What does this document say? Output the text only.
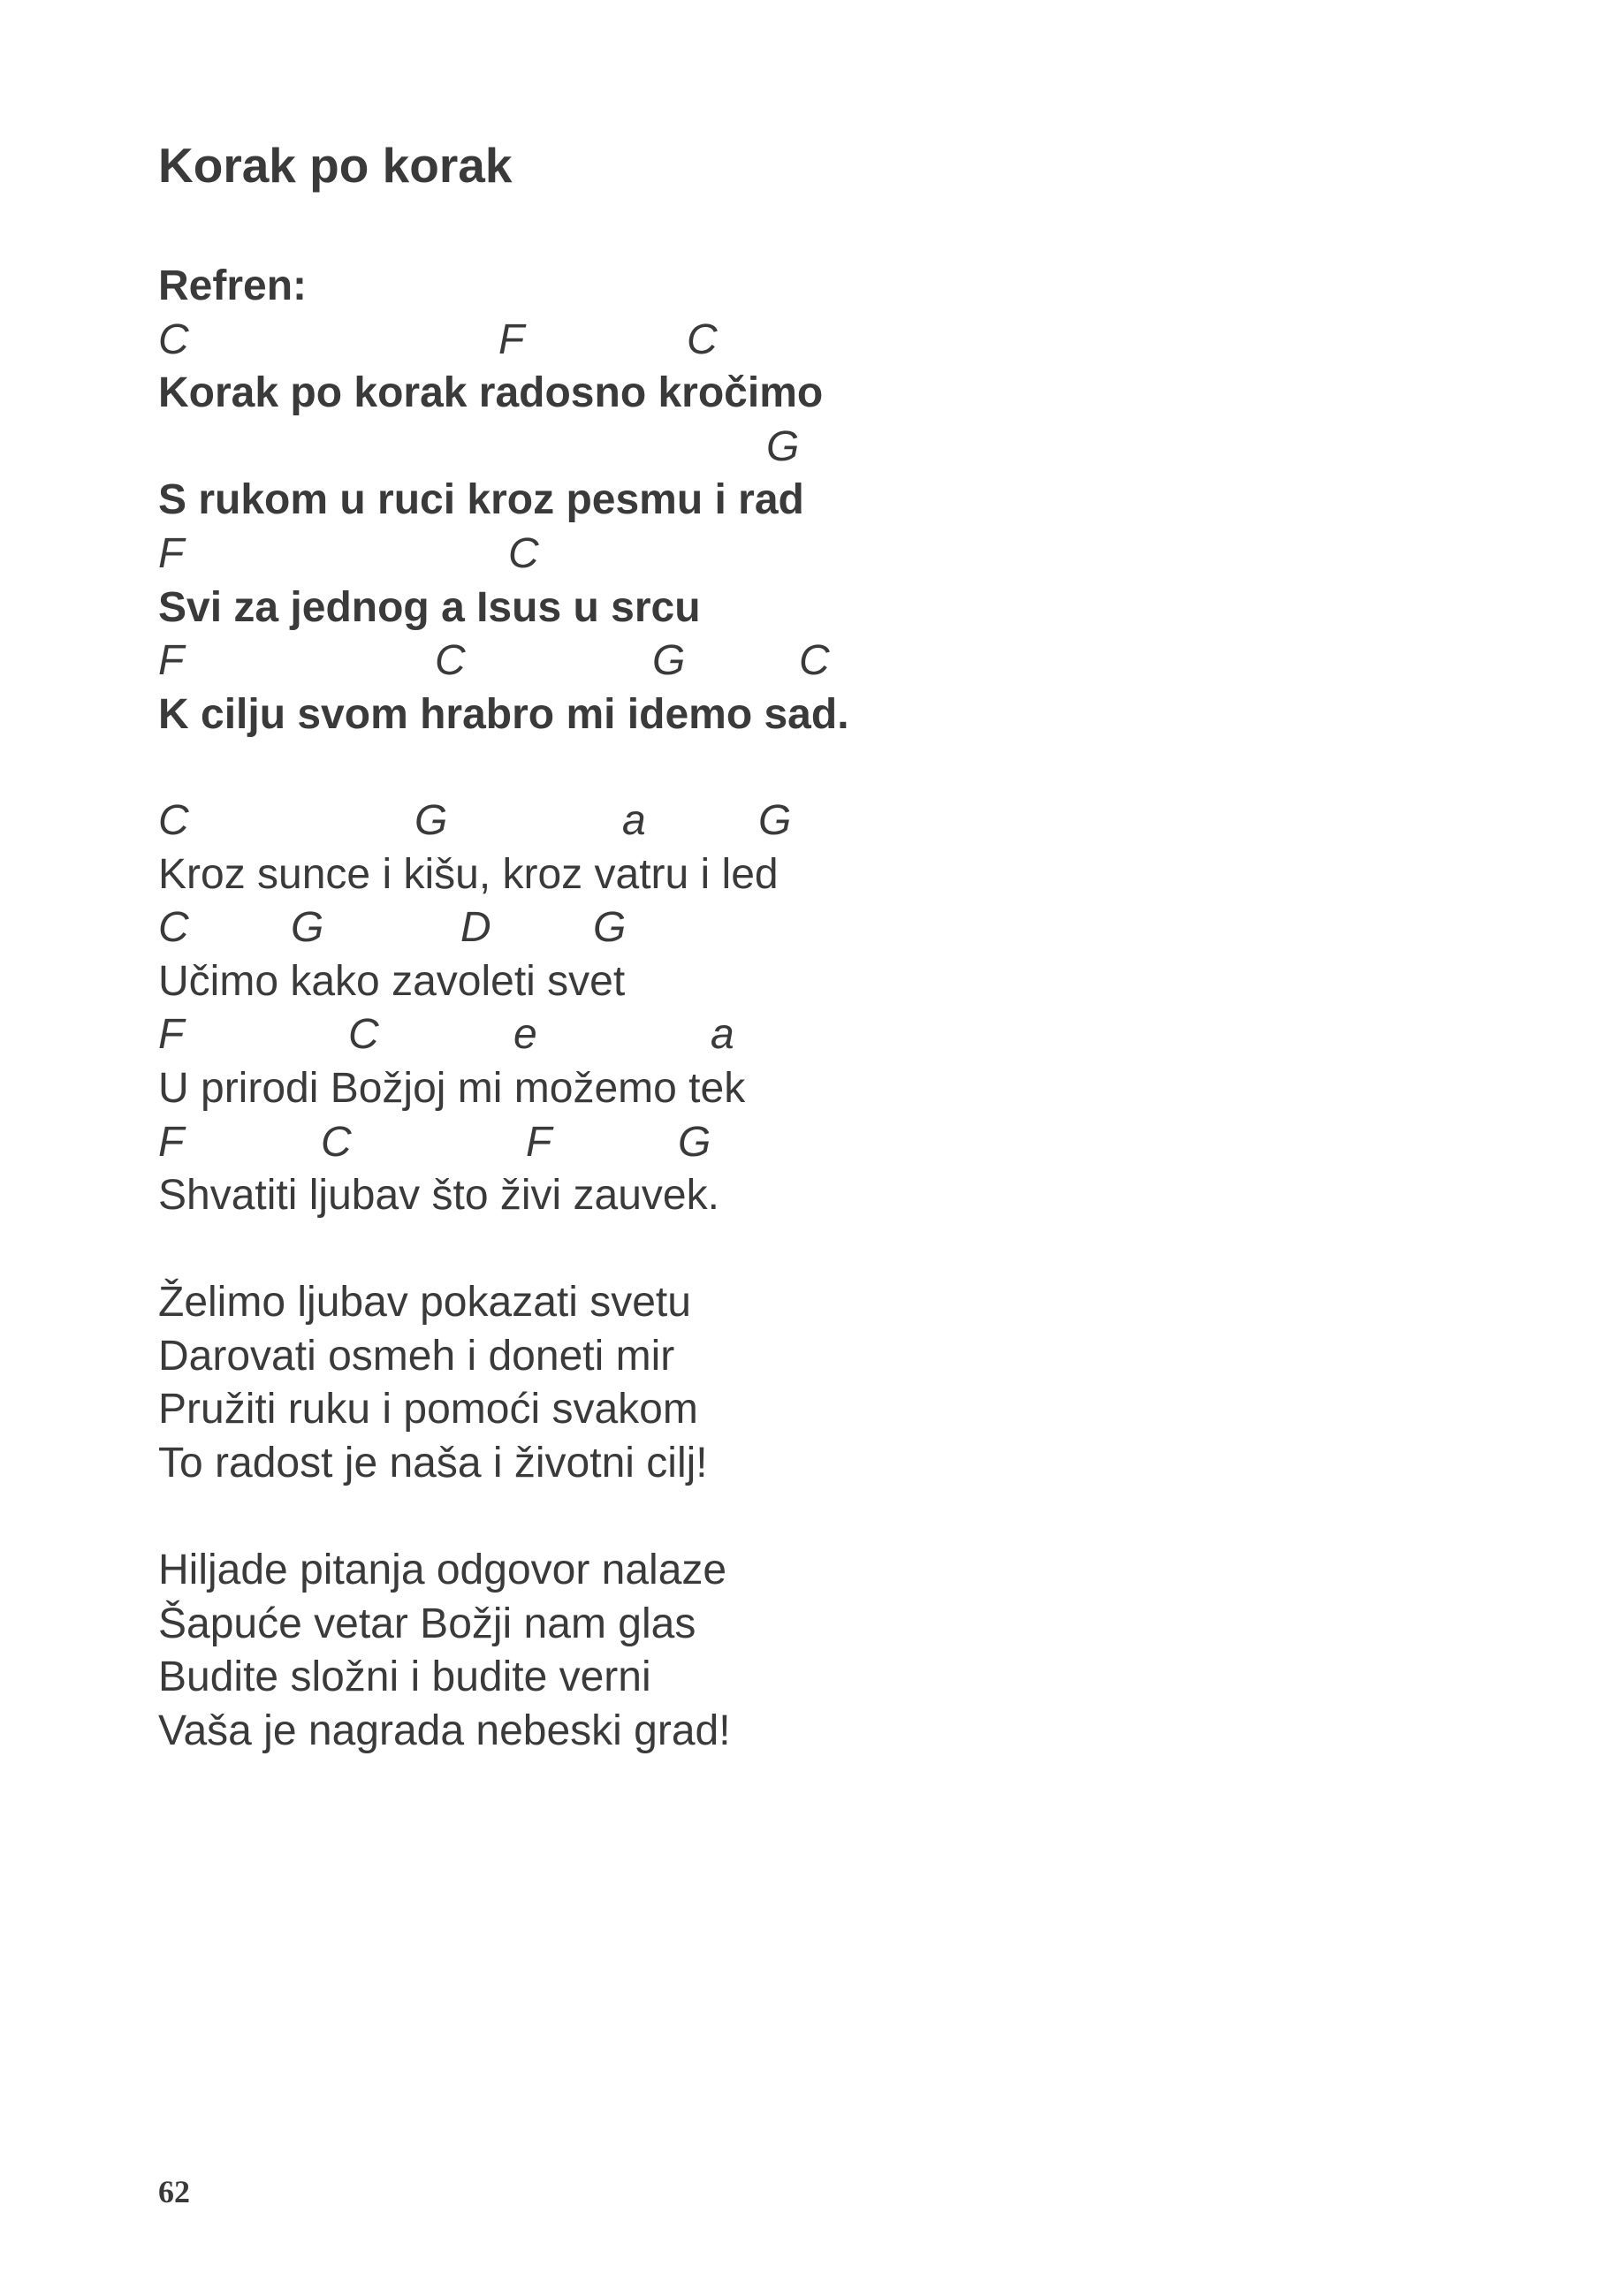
Korak po korak
Refren:
C	F	C
Korak po korak radosno kročimo
G
S rukom u ruci kroz pesmu i rad
F	C
Svi za jednog a Isus u srcu
F	C	G	C
K cilju svom hrabro mi idemo sad.
C	G	a	G
Kroz sunce i kišu, kroz vatru i led
C G	D G
Učimo kako zavoleti svet
F	C	e	a
U prirodi Božjoj mi možemo tek
F	C	F	G
Shvatiti ljubav što živi zauvek.
Želimo ljubav pokazati svetu
Darovati osmeh i doneti mir
Pružiti ruku i pomoći svakom
To radost je naša i životni cilj!
Hiljade pitanja odgovor nalaze
Šapuće vetar Božji nam glas
Budite složni i budite verni
Vaša je nagrada nebeski grad!
62
